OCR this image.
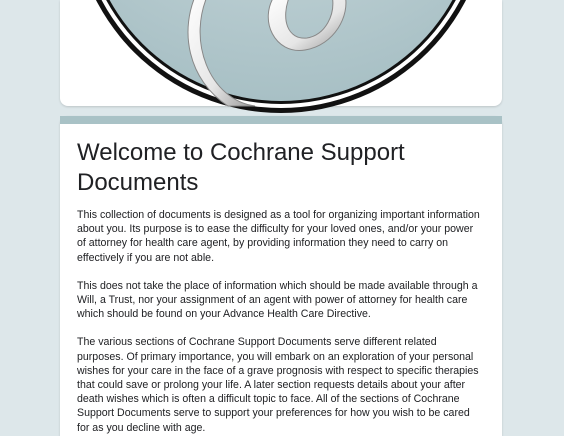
Welcome to Cochrane Support Documents

This collection of documents is designed as a tool for organizing important information about you. Its purpose is to ease the difficulty for your loved ones, and/or your power of attorney for health care agent, by providing information they need to carry on effectively if you are not able.

This does not take the place of information which should be made available through a Will, a Trust, nor your assignment of an agent with power of attorney for health care which should be found on your Advance Health Care Directive.

The various sections of Cochrane Support Documents serve different related purposes. Of primary importance, you will embark on an exploration of your personal wishes for your care in the face of a grave prognosis with respect to specific therapies that could save or prolong your life. A later section requests details about your after death wishes which is often a difficult topic to face. All of the sections of Cochrane Support Documents serve to support your preferences for how you wish to be cared for as you decline with age.
